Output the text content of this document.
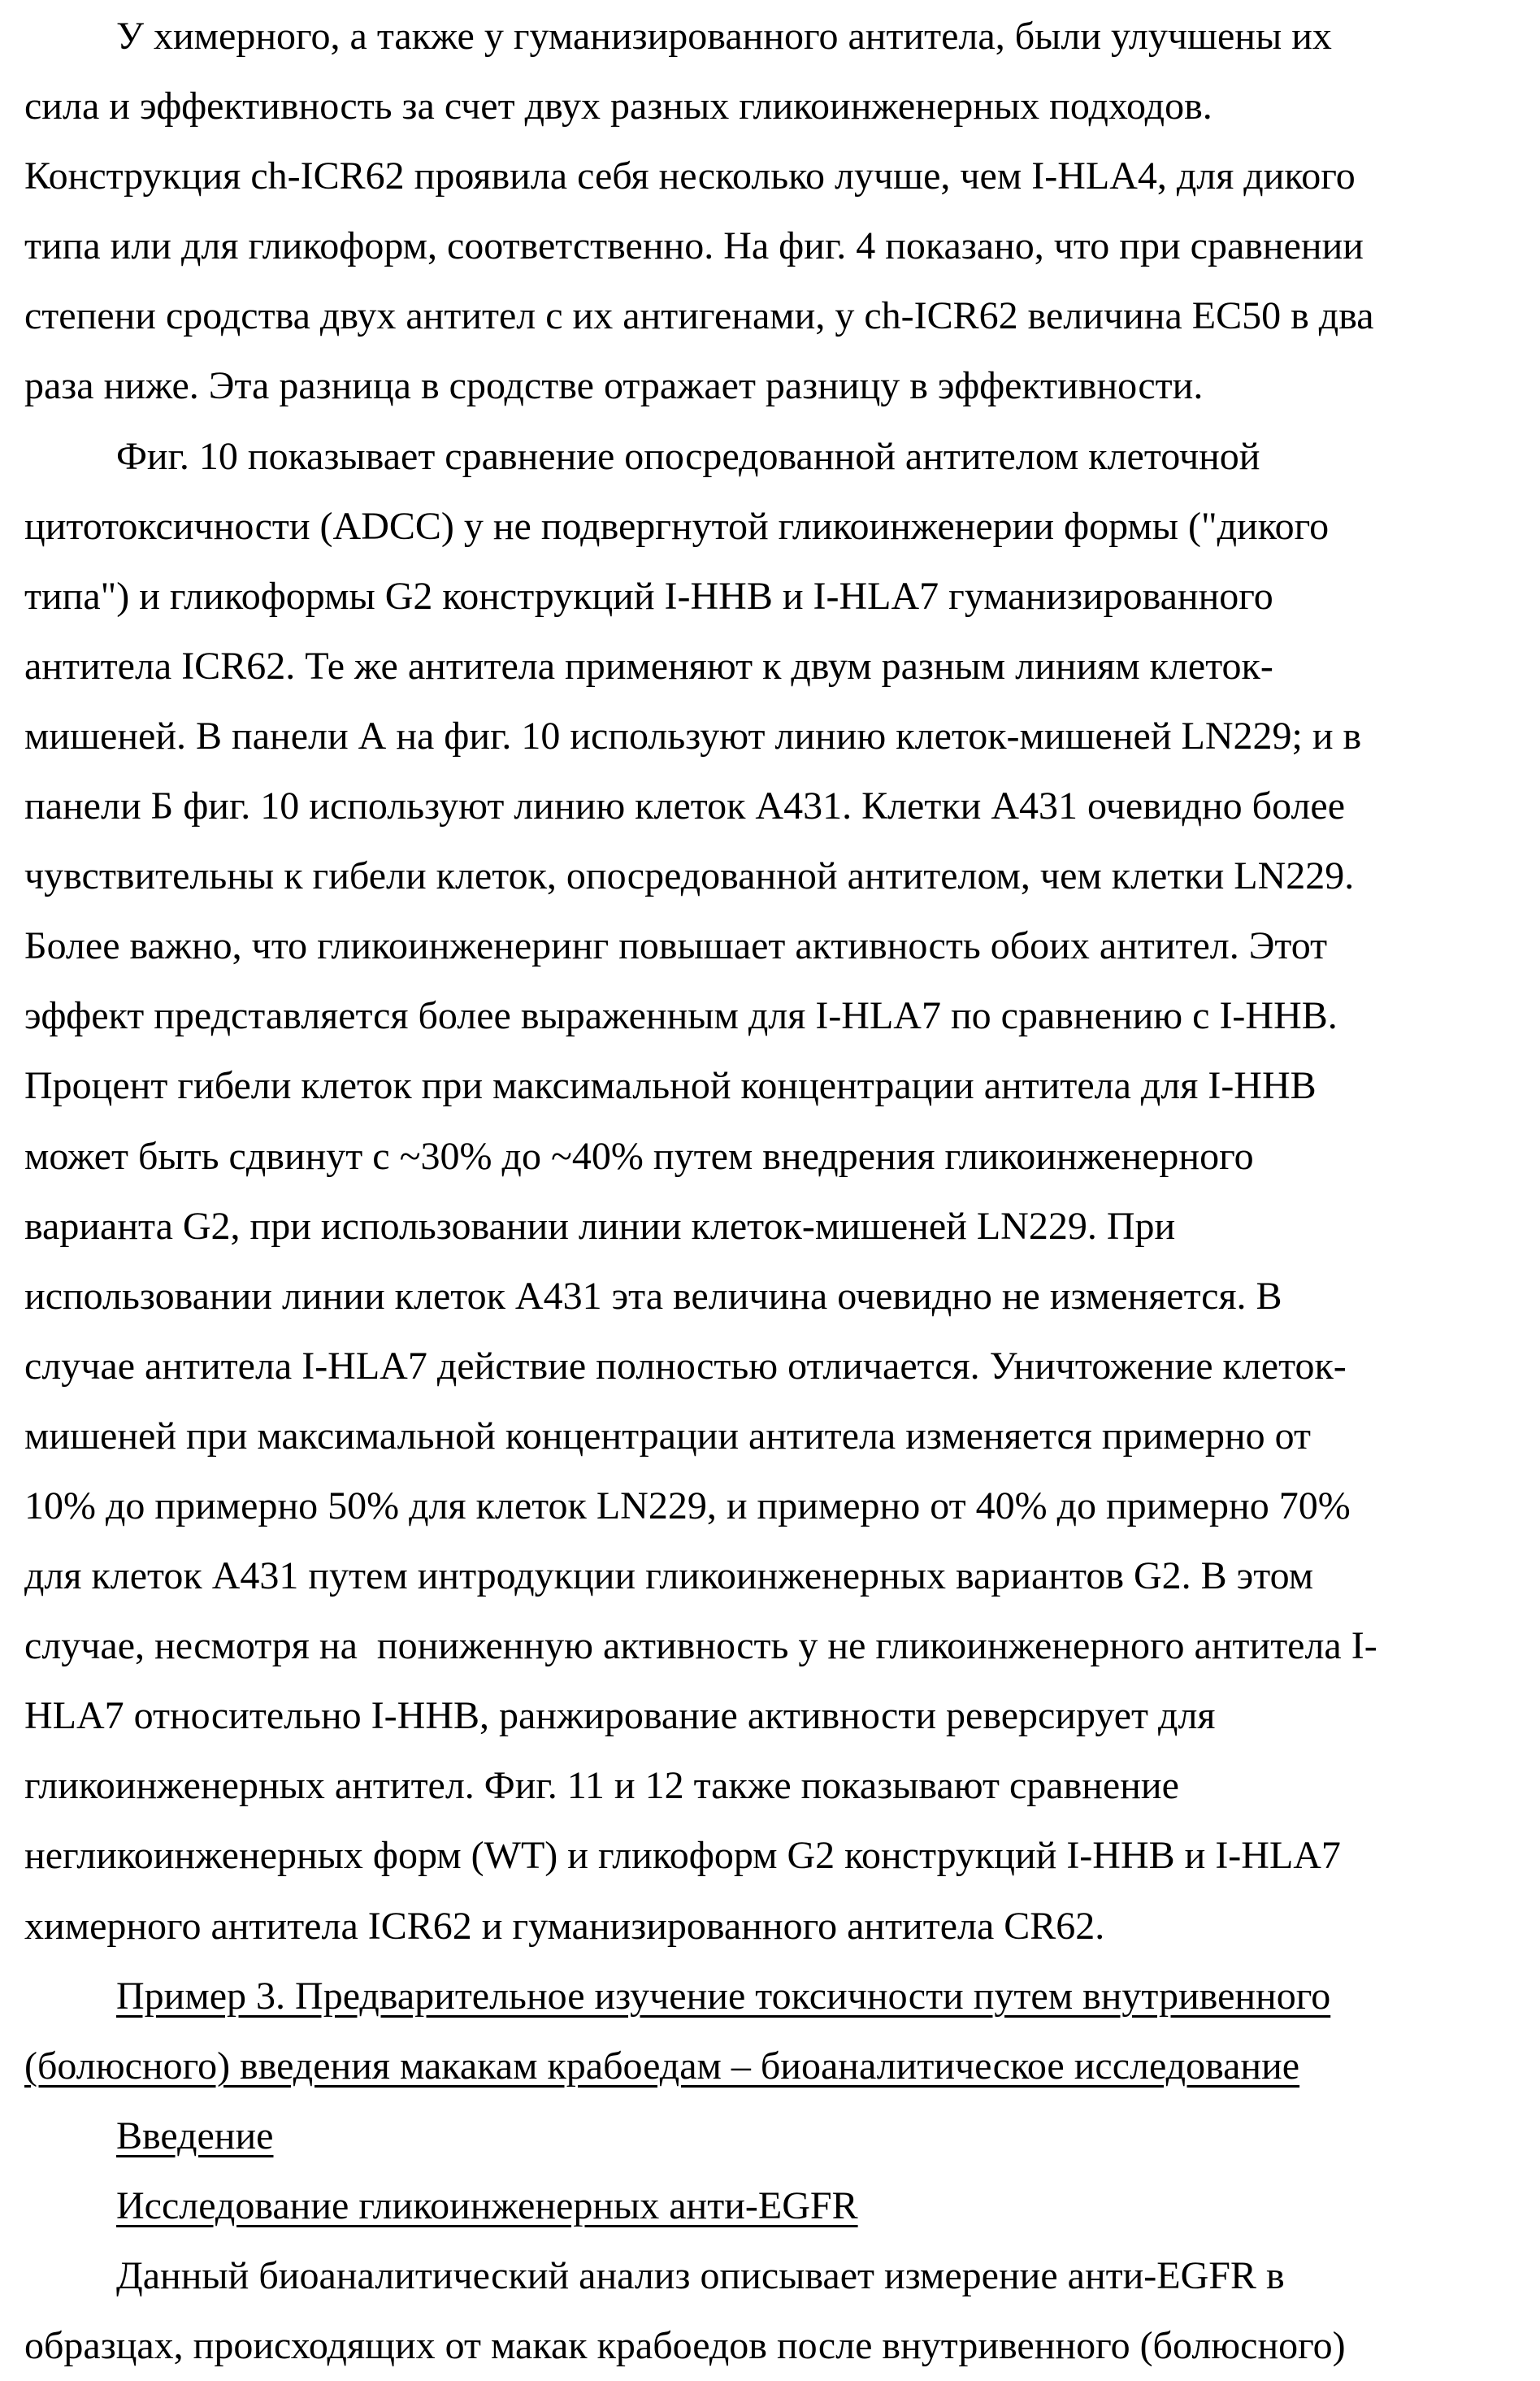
У химерного, а также у гуманизированного антитела, были улучшены их
сила и эффективность за счет двух разных гликоинженерных подходов.
Конструкция ch-ICR62 проявила себя несколько лучше, чем I-HLA4, для дикого
типа или для гликоформ, соответственно. На фиг. 4 показано, что при сравнении
степени сродства двух антител с их антигенами, у ch-ICR62 величина EC50 в два
раза ниже. Эта разница в сродстве отражает разницу в эффективности.
Фиг. 10 показывает сравнение опосредованной антителом клеточной
цитотоксичности (ADCC) у не подвергнутой гликоинженерии формы ("дикого
типа") и гликоформы G2 конструкций I-HHB и I-HLA7 гуманизированного
антитела ICR62. Те же антитела применяют к двум разным линиям клеток-
мишеней. В панели А на фиг. 10 используют линию клеток-мишеней LN229; и в
панели Б фиг. 10 используют линию клеток A431. Клетки A431 очевидно более
чувствительны к гибели клеток, опосредованной антителом, чем клетки LN229.
Более важно, что гликоинженеринг повышает активность обоих антител. Этот
эффект представляется более выраженным для I-HLA7 по сравнению с I-HHB.
Процент гибели клеток при максимальной концентрации антитела для I-HHB
может быть сдвинут с ~30% до ~40% путем внедрения гликоинженерного
варианта G2, при использовании линии клеток-мишеней LN229. При
использовании линии клеток A431 эта величина очевидно не изменяется. В
случае антитела I-HLA7 действие полностью отличается. Уничтожение клеток-
мишеней при максимальной концентрации антитела изменяется примерно от
10% до примерно 50% для клеток LN229, и примерно от 40% до примерно 70%
для клеток A431 путем интродукции гликоинженерных вариантов G2. В этом
случае, несмотря на  пониженную активность у не гликоинженерного антитела I-
HLA7 относительно I-HHB, ранжирование активности реверсирует для
гликоинженерных антител. Фиг. 11 и 12 также показывают сравнение
негликоинженерных форм (WT) и гликоформ G2 конструкций I-HHB и I-HLA7
химерного антитела ICR62 и гуманизированного антитела CR62.
Пример 3. Предварительное изучение токсичности путем внутривенного
(болюсного) введения макакам крабоедам – биоаналитическое исследование
Введение
Исследование гликоинженерных анти-EGFR
Данный биоаналитический анализ описывает измерение анти-EGFR в
образцах, происходящих от макак крабоедов после внутривенного (болюсного)
